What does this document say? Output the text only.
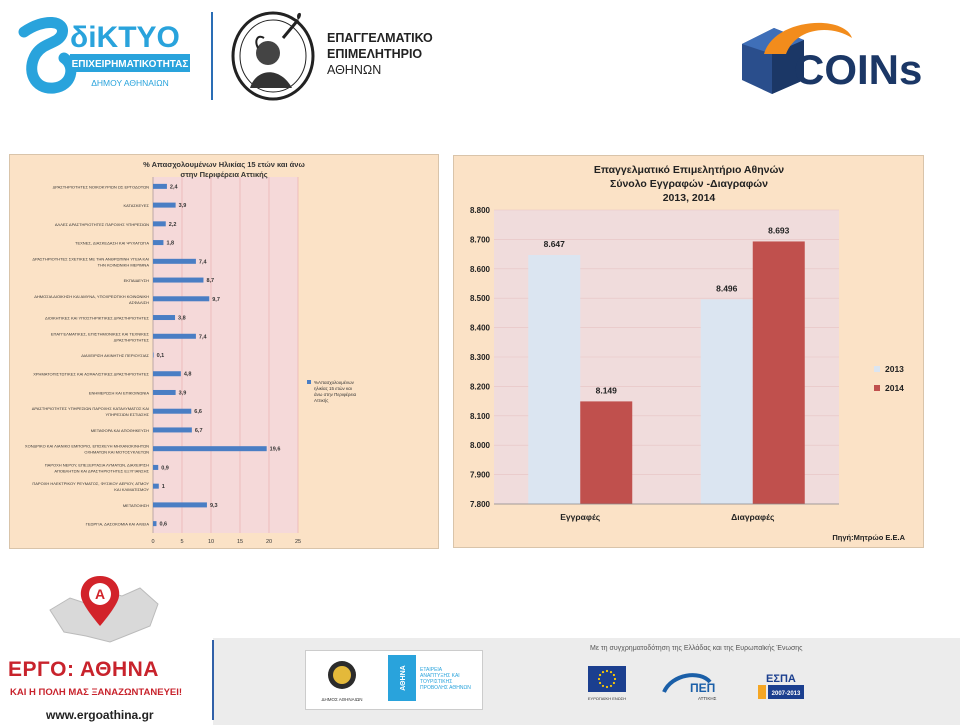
δiKTYO
ΕΠΙΧΕΙΡΗΜΑΤΙΚΟΤΗΤΑΣ
ΔΗΜΟΥ ΑΘΗΝΑΙΩΝ
ΕΠΑΓΓΕΛΜΑΤΙΚΟ
ΕΠΙΜΕΛΗΤΗΡΙΟ
ΑΘΗΝΩΝ	COINs
2,4
3,9
2,2
1,8
7,4
8,7
9,7
3,8
7,4
0,1
4,8
3,9
6,6
6,7
19,6
0,9
1
9,3
0,6
ΔΡΑΣΤΗΡΙΟΤΗΤΕΣ ΝΟΙΚΟΚΥΡΙΩΝ ΩΣ ΕΡΓΟΔΟΤΩΝ
ΚΑΤΑΣΚΕΥΕΣ
ΑΛΛΕΣ ΔΡΑΣΤΗΡΙΟΤΗΤΕΣ ΠΑΡΟΧΗΣ ΥΠΗΡΕΣΙΩΝ
ΤΕΧΝΕΣ, ΔΙΑΣΚΕΔΑΣΗ ΚΑΙ ΨΥΧΑΓΩΓΙΑ
ΔΡΑΣΤΗΡΙΟΤΗΤΕΣ ΣΧΕΤΙΚΕΣ ΜΕ ΤΗΝ ΑΝΘΡΩΠΙΝΗ ΥΓΕΙΑ ΚΑΙ ΤΗΝ ΚΟΙΝΩΝΙΚΗ ΜΕΡΙΜΝΑ
ΕΚΠΑΙΔΕΥΣΗ
ΔΗΜΟΣΙΑ ΔΙΟΙΚΗΣΗ ΚΑΙ ΑΜΥΝΑ, ΥΠΟΧΡΕΩΤΙΚΗ ΚΟΙΝΩΝΙΚΗ ΑΣΦΑΛΙΣΗ
ΔΙΟΙΚΗΤΙΚΕΣ ΚΑΙ ΥΠΟΣΤΗΡΙΚΤΙΚΕΣ ΔΡΑΣΤΗΡΙΟΤΗΤΕΣ
ΕΠΑΓΓΕΛΜΑΤΙΚΕΣ, ΕΠΙΣΤΗΜΟΝΙΚΕΣ ΚΑΙ ΤΕΧΝΙΚΕΣ ΔΡΑΣΤΗΡΙΟΤΗΤΕΣ
ΔΙΑΧΕΙΡΙΣΗ ΑΚΙΝΗΤΗΣ ΠΕΡΙΟΥΣΙΑΣ
ΧΡΗΜΑΤΟΠΙΣΤΩΤΙΚΕΣ ΚΑΙ ΑΣΦΑΛΙΣΤΙΚΕΣ ΔΡΑΣΤΗΡΙΟΤΗΤΕΣ
ΕΝΗΜΕΡΩΣΗ ΚΑΙ ΕΠΙΚΟΙΝΩΝΙΑ
ΔΡΑΣΤΗΡΙΟΤΗΤΕΣ ΥΠΗΡΕΣΙΩΝ ΠΑΡΟΧΗΣ ΚΑΤΑΛΥΜΑΤΟΣ ΚΑΙ ΥΠΗΡΕΣΙΩΝ ΕΣΤΙΑΣΗΣ
ΜΕΤΑΦΟΡΑ ΚΑΙ ΑΠΟΘΗΚΕΥΣΗ
ΧΟΝΔΡΙΚΟ ΚΑΙ ΛΙΑΝΙΚΟ ΕΜΠΟΡΙΟ, ΕΠΙΣΚΕΥΗ ΜΗΧΑΝΟΚΙΝΗΤΩΝ ΟΧΗΜΑΤΩΝ ΚΑΙ ΜΟΤΟΣΥΚΛΕΤΩΝ
ΠΑΡΟΧΗ ΝΕΡΟΥ, ΕΠΕΞΕΡΓΑΣΙΑ ΛΥΜΑΤΩΝ, ΔΙΑΧΕΙΡΙΣΗ ΑΠΟΒΛΗΤΩΝ ΚΑΙ ΔΡΑΣΤΗΡΙΟΤΗΤΕΣ ΕΞΥΓΙΑΝΣΗΣ
ΠΑΡΟΧΗ ΗΛΕΚΤΡΙΚΟΥ ΡΕΥΜΑΤΟΣ, ΦΥΣΙΚΟΥ ΑΕΡΙΟΥ, ΑΤΜΟΥ ΚΑΙ ΚΛΙΜΑΤΙΣΜΟΥ
ΜΕΤΑΠΟΙΗΣΗ
ΓΕΩΡΓΙΑ, ΔΑΣΟΚΟΜΙΑ ΚΑΙ ΑΛΙΕΙΑ
0	5	10	15	20	25
% Απασχολουμένων Ηλικίας 15 ετών και άνω
στην Περιφέρεια Αττικής
%Απασχολουμένων ηλικίας 15 ετών και άνω στην Περιφέρεια Αττικής
Επαγγελματικό Επιμελητήριο Αθηνών
Σύνολο Εγγραφών -Διαγραφών
2013, 2014
8.647
8.149
8.496
8.693
7.800
7.900
8.000
8.100
8.200
8.300
8.400
8.500
8.600
8.700
8.800
Εγγραφές	Διαγραφές
2013
2014
Πηγή:Μητρώο Ε.Ε.Α
A
ΕΡΓΟ: ΑΘΗΝΑ
ΚΑΙ Η ΠΟΛΗ ΜΑΣ ΞΑΝΑΖΩΝΤΑΝΕΥΕΙ!
www.ergoathina.gr
Με τη συγχρηματοδότηση της Ελλάδας και της Ευρωπαϊκής Ένωσης
ΔΗΜΟΣ ΑΘΗΝΑΙΩΝ
ΑΘΗΝΑ	ΕΤΑΙΡΕΙΑ ΑΝΑΠΤΥΞΗΣ ΚΑΙ ΤΟΥΡΙΣΤΙΚΗΣ ΠΡΟΒΟΛΗΣ ΑΘΗΝΩΝ
ΕΥΡΩΠΑΪΚΗ ΕΝΩΣΗ
ΠΕΠ
ΑΤΤΙΚΗΣ
ΕΣΠΑ
2007-2013
